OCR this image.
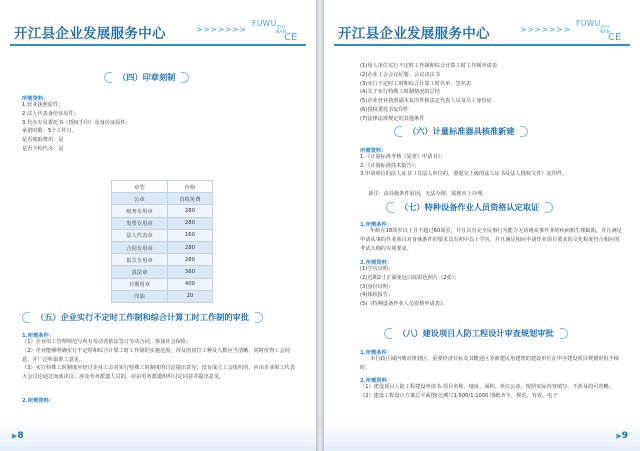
开江县企业发展服务中心	>>>>>>>
$FUWU_{ZHI}$
NAN
CE
（四）印章刻制
所需资料：
1.营业执照原件；
2.法人代表身份证原件；
3.代办专员委托书（授权手印）及身份证原件；
承诺时限：5个工作日。
是否收取费用：是
是否全程代办：是
章型	价格
公章	首枚免费
财务专用章	280
发票专用章	280
法人代表章	160
合同专用章	280
报关专用章	280
真法章	360
日期用章	400
印油	20
（五）企业实行不定时工作制和综合计算工时工作制的审批
1.所需条件：
（1）企业用工管理规范与所有劳动者依法签订劳动合同，参加社会保险；
（2）企业能够明确实行不定时和综合计算工时工作制的实施范围，涉及的岗位工种及人数应当清晰，同时征得工会同意，并广泛听取职工意见。
（3）实行特殊工时制度应经过企业工会对实行特殊工时制度的讨论提出意见；没有成立工会组织的，应由企业职工代表大会讨论通过而成决议；涉及劳务派遣人员的，应由劳务派遣组织讨论同意并提出意见。
2.所需资料：
▶8
开江县企业发展服务中心	>>>>>>>
$FUWU_{ZHI}$
NAN
CE
(1)用人单位实行不定时工作制和综合计算工时工作制申请表
(2)企业工会会议纪要、会议决议书
(3)实行不定时工时和综合计算工时名单、签名表
(4)关于实行特殊工时制情况的总结
(5)企业营业执照副本复印件和法定代表人员及员工身份证
(6)授权委托书复印件
(7)法律法规规定的其他条件
（六）计量标准器具核准新建
所需资料：
1.《计量标准考核（复查）申请书》；
2.《计量标准技术报告》；
3.申请单位的法人证书（非法人单位的，要提交上级的法人证书及法人授权文件）复印件。
备注：由县级条件原因，无法办理，需到市上办理。
（七）特种设备作业人员资格认定取证
1.所需条件：
年龄在18周岁以上且不超过60周岁，并且具有完全民事行为能力无妨碍从事作业的疾病和生理缺陷，并且满足申请从事的作业项目对身体条件的要求具有初中以上学历，并且满足相应申请作业项目要求的文化程度符合相应的考试大纲的专项要求。
2.所需资料：
(1)学历证明；
(2)近期2寸正面免冠白底彩色照片（2张）；
(3)身份证明；
(4)体检报告；
(5)《特种设备作业人员资格申请表》。
（八）建设项目人防工程设计审查规划审批
1.所需条件：
本行政区域内城市规划区、重要经济目标及其毗连区等新建民用建筑的建设单位在申办建设项目规划审批手续时。
2.所需资料：
（1）建设项目人防工程建设申请书·项目名称、地址、面积、单位公章，按照实际内容填写，不涉及的可省略。
（2）建设工程设计方案总平面图(比例尺1:500/1:1000 图纸齐全、规范、有效，电子
▶9
